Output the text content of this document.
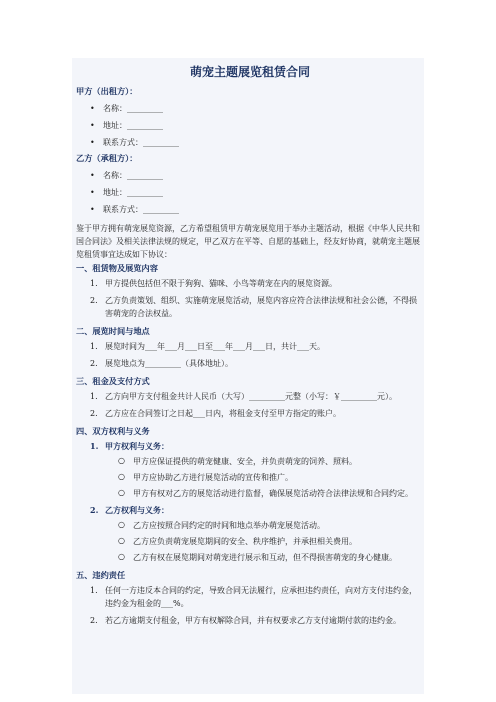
萌宠主题展览租赁合同
甲方（出租方）：
• 名称：_________
• 地址：_________
• 联系方式：_________
乙方（承租方）：
• 名称：_________
• 地址：_________
• 联系方式：_________

鉴于甲方拥有萌宠展览资源，乙方希望租赁甲方萌宠展览用于举办主题活动，根据《中华人民共和国合同法》及相关法律法规的规定，甲乙双方在平等、自愿的基础上，经友好协商，就萌宠主题展览租赁事宜达成如下协议：

一、租赁物及展览内容
1. 甲方提供包括但不限于狗狗、猫咪、小鸟等萌宠在内的展览资源。
2. 乙方负责策划、组织、实施萌宠展览活动，展览内容应符合法律法规和社会公德，不得损害萌宠的合法权益。
二、展览时间与地点
1. 展览时间为___年___月___日至___年___月___日，共计___天。
2. 展览地点为_________（具体地址）。
三、租金及支付方式
1. 乙方向甲方支付租金共计人民币（大写）_________元整（小写：￥_________元）。
2. 乙方应在合同签订之日起___日内，将租金支付至甲方指定的账户。
四、双方权利与义务
1. 甲方权利与义务：
○ 甲方应保证提供的萌宠健康、安全，并负责萌宠的饲养、照料。
○ 甲方应协助乙方进行展览活动的宣传和推广。
○ 甲方有权对乙方的展览活动进行监督，确保展览活动符合法律法规和合同约定。
2. 乙方权利与义务：
○ 乙方应按照合同约定的时间和地点举办萌宠展览活动。
○ 乙方应负责萌宠展览期间的安全、秩序维护，并承担相关费用。
○ 乙方有权在展览期间对萌宠进行展示和互动，但不得损害萌宠的身心健康。
五、违约责任
1. 任何一方违反本合同的约定，导致合同无法履行，应承担违约责任，向对方支付违约金，违约金为租金的___%。
2. 若乙方逾期支付租金，甲方有权解除合同，并有权要求乙方支付逾期付款的违约金。
